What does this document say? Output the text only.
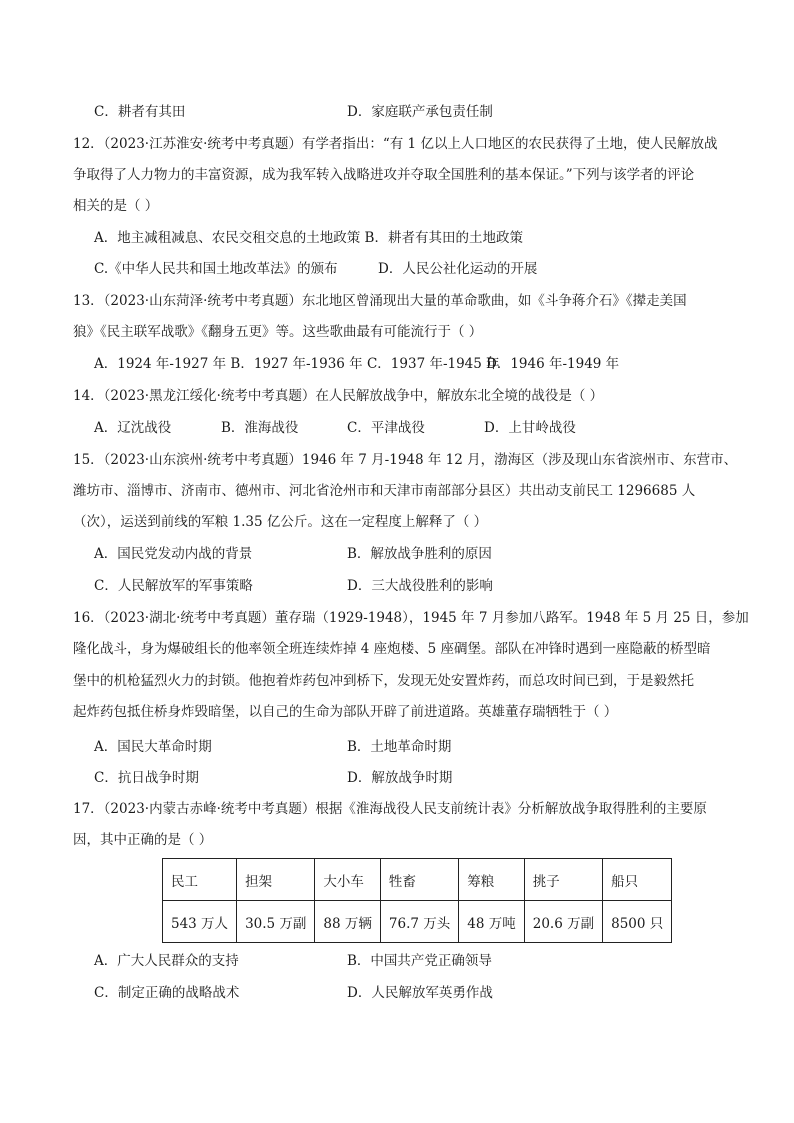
C．耕者有其田	D．家庭联产承包责任制
12．（2023·江苏淮安·统考中考真题）有学者指出：“有 1 亿以上人口地区的农民获得了土地，使人民解放战
争取得了人力物力的丰富资源，成为我军转入战略进攻并夺取全国胜利的基本保证。”下列与该学者的评论
相关的是（ ）
A．地主减租减息、农民交租交息的土地政策 B．耕者有其田的土地政策
C.《中华人民共和国土地改革法》的颁布	D．人民公社化运动的开展
13．（2023·山东菏泽·统考中考真题）东北地区曾涌现出大量的革命歌曲，如《斗争蒋介石》《撵走美国
狼》《民主联军战歌》《翻身五更》等。这些歌曲最有可能流行于（ ）
A．1924 年-1927 年 B．1927 年-1936 年 C．1937 年-1945 年
D．1946 年-1949 年
14．（2023·黑龙江绥化·统考中考真题）在人民解放战争中，解放东北全境的战役是（ ）
A．辽沈战役	B．淮海战役	C．平津战役	D．上甘岭战役
15．（2023·山东滨州·统考中考真题）1946 年 7 月-1948 年 12 月，渤海区（涉及现山东省滨州市、东营市、
潍坊市、淄博市、济南市、德州市、河北省沧州市和天津市南部部分县区）共出动支前民工 1296685 人
（次），运送到前线的军粮 1.35 亿公斤。这在一定程度上解释了（ ）
A．国民党发动内战的背景	B．解放战争胜利的原因
C．人民解放军的军事策略	D．三大战役胜利的影响
16．（2023·湖北·统考中考真题）董存瑞（1929-1948），1945 年 7 月参加八路军。1948 年 5 月 25 日，参加
隆化战斗，身为爆破组长的他率领全班连续炸掉 4 座炮楼、5 座碉堡。部队在冲锋时遇到一座隐蔽的桥型暗
堡中的机枪猛烈火力的封锁。他抱着炸药包冲到桥下，发现无处安置炸药，而总攻时间已到，于是毅然托
起炸药包抵住桥身炸毁暗堡，以自己的生命为部队开辟了前进道路。英雄董存瑞牺牲于（ ）
A．国民大革命时期	B．土地革命时期
C．抗日战争时期	D．解放战争时期
17．（2023·内蒙古赤峰·统考中考真题）根据《淮海战役人民支前统计表》分析解放战争取得胜利的主要原
因，其中正确的是（ ）
民工	担架	大小车	牲畜	筹粮	挑子	船只
543 万人	30.5 万副	88 万辆	76.7 万头	48 万吨	20.6 万副	8500 只
A．广大人民群众的支持	B．中国共产党正确领导
C．制定正确的战略战术	D．人民解放军英勇作战
